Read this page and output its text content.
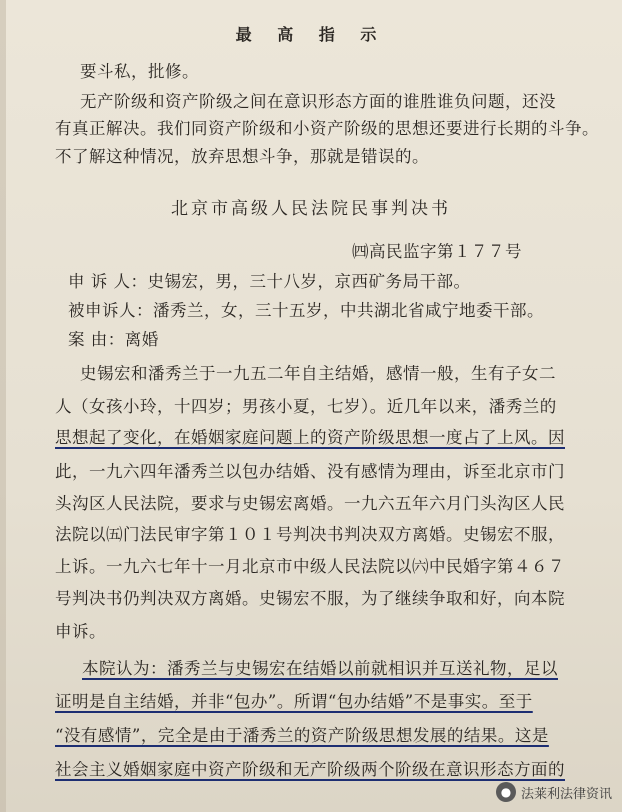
最 高 指 示
要斗私，批修。
无产阶级和资产阶级之间在意识形态方面的谁胜谁负问题，还没
有真正解决。我们同资产阶级和小资产阶级的思想还要进行长期的斗争。
不了解这种情况，放弃思想斗争，那就是错误的。
北京市高级人民法院民事判决书
㈣高民监字第１７７号
申 诉 人：史锡宏，男，三十八岁，京西矿务局干部。
被申诉人：潘秀兰，女，三十五岁，中共湖北省咸宁地委干部。
案 由：离婚
史锡宏和潘秀兰于一九五二年自主结婚，感情一般，生有子女二
人（女孩小玲，十四岁；男孩小夏，七岁）。近几年以来，潘秀兰的
思想起了变化，在婚姻家庭问题上的资产阶级思想一度占了上风。因
此，一九六四年潘秀兰以包办结婚、没有感情为理由，诉至北京市门
头沟区人民法院，要求与史锡宏离婚。一九六五年六月门头沟区人民
法院以㈤门法民审字第１０１号判决书判决双方离婚。史锡宏不服，
上诉。一九六七年十一月北京市中级人民法院以㈥中民婚字第４６７
号判决书仍判决双方离婚。史锡宏不服，为了继续争取和好，向本院
申诉。
本院认为：潘秀兰与史锡宏在结婚以前就相识并互送礼物，足以
证明是自主结婚，并非“包办”。所谓“包办结婚”不是事实。至于
“没有感情”，完全是由于潘秀兰的资产阶级思想发展的结果。这是
社会主义婚姻家庭中资产阶级和无产阶级两个阶级在意识形态方面的
● 法莱利法律资讯
